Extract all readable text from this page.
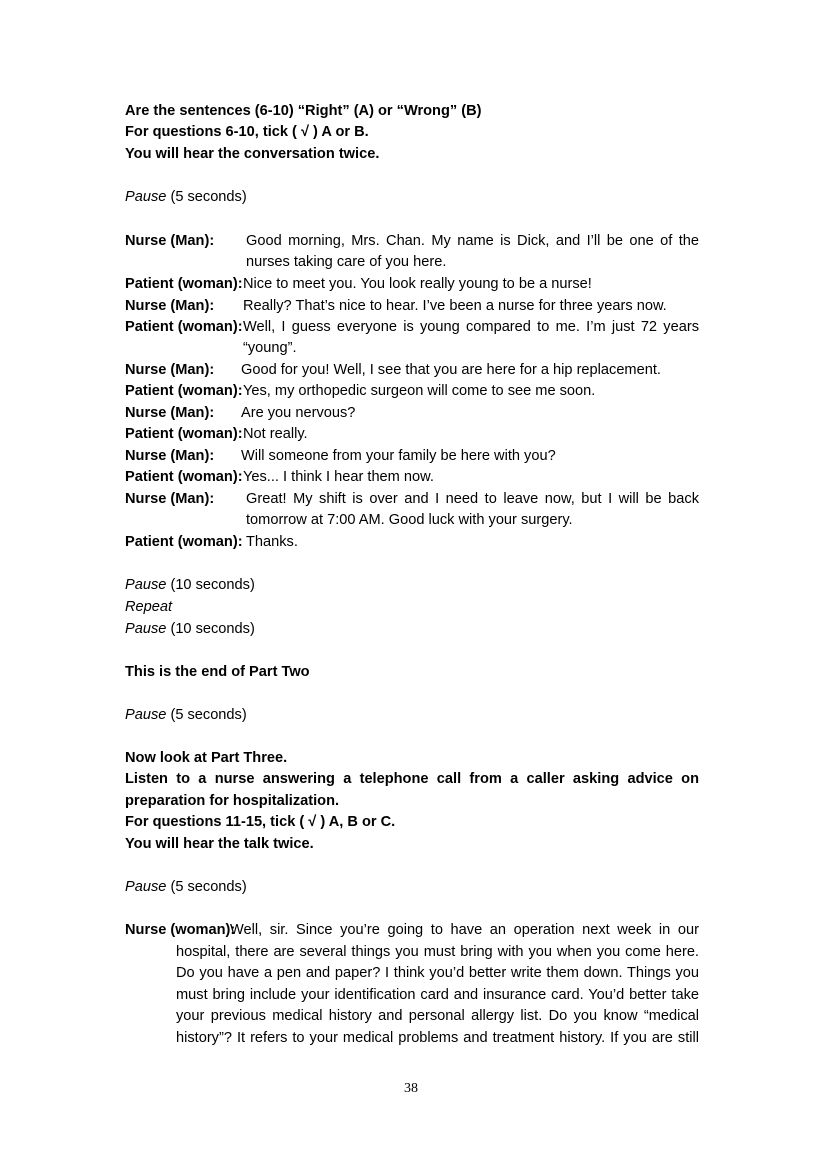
Are the sentences (6-10) “Right” (A) or “Wrong” (B)
For questions 6-10, tick ( √ ) A or B.
You will hear the conversation twice.
Pause (5 seconds)
Nurse (Man): Good morning, Mrs. Chan. My name is Dick, and I’ll be one of the
nurses taking care of you here.
Patient (woman): Nice to meet you. You look really young to be a nurse!
Nurse (Man): Really? That’s nice to hear. I’ve been a nurse for three years now.
Patient (woman): Well, I guess everyone is young compared to me. I’m just 72 years
“young”.
Nurse (Man): Good for you! Well, I see that you are here for a hip replacement.
Patient (woman): Yes, my orthopedic surgeon will come to see me soon.
Nurse (Man): Are you nervous?
Patient (woman): Not really.
Nurse (Man): Will someone from your family be here with you?
Patient (woman): Yes... I think I hear them now.
Nurse (Man): Great! My shift is over and I need to leave now, but I will be back
tomorrow at 7:00 AM. Good luck with your surgery.
Patient (woman): Thanks.
Pause (10 seconds)
Repeat
Pause (10 seconds)
This is the end of Part Two
Pause (5 seconds)
Now look at Part Three.
Listen to a nurse answering a telephone call from a caller asking advice on
preparation for hospitalization.
For questions 11-15, tick ( √ ) A, B or C.
You will hear the talk twice.
Pause (5 seconds)
Nurse (woman):
Well, sir. Since you’re going to have an operation next week in our
hospital, there are several things you must bring with you when you come here.
Do you have a pen and paper? I think you’d better write them down. Things you
must bring include your identification card and insurance card. You’d better take
your previous medical history and personal allergy list. Do you know “medical
history”? It refers to your medical problems and treatment history. If you are still
38
